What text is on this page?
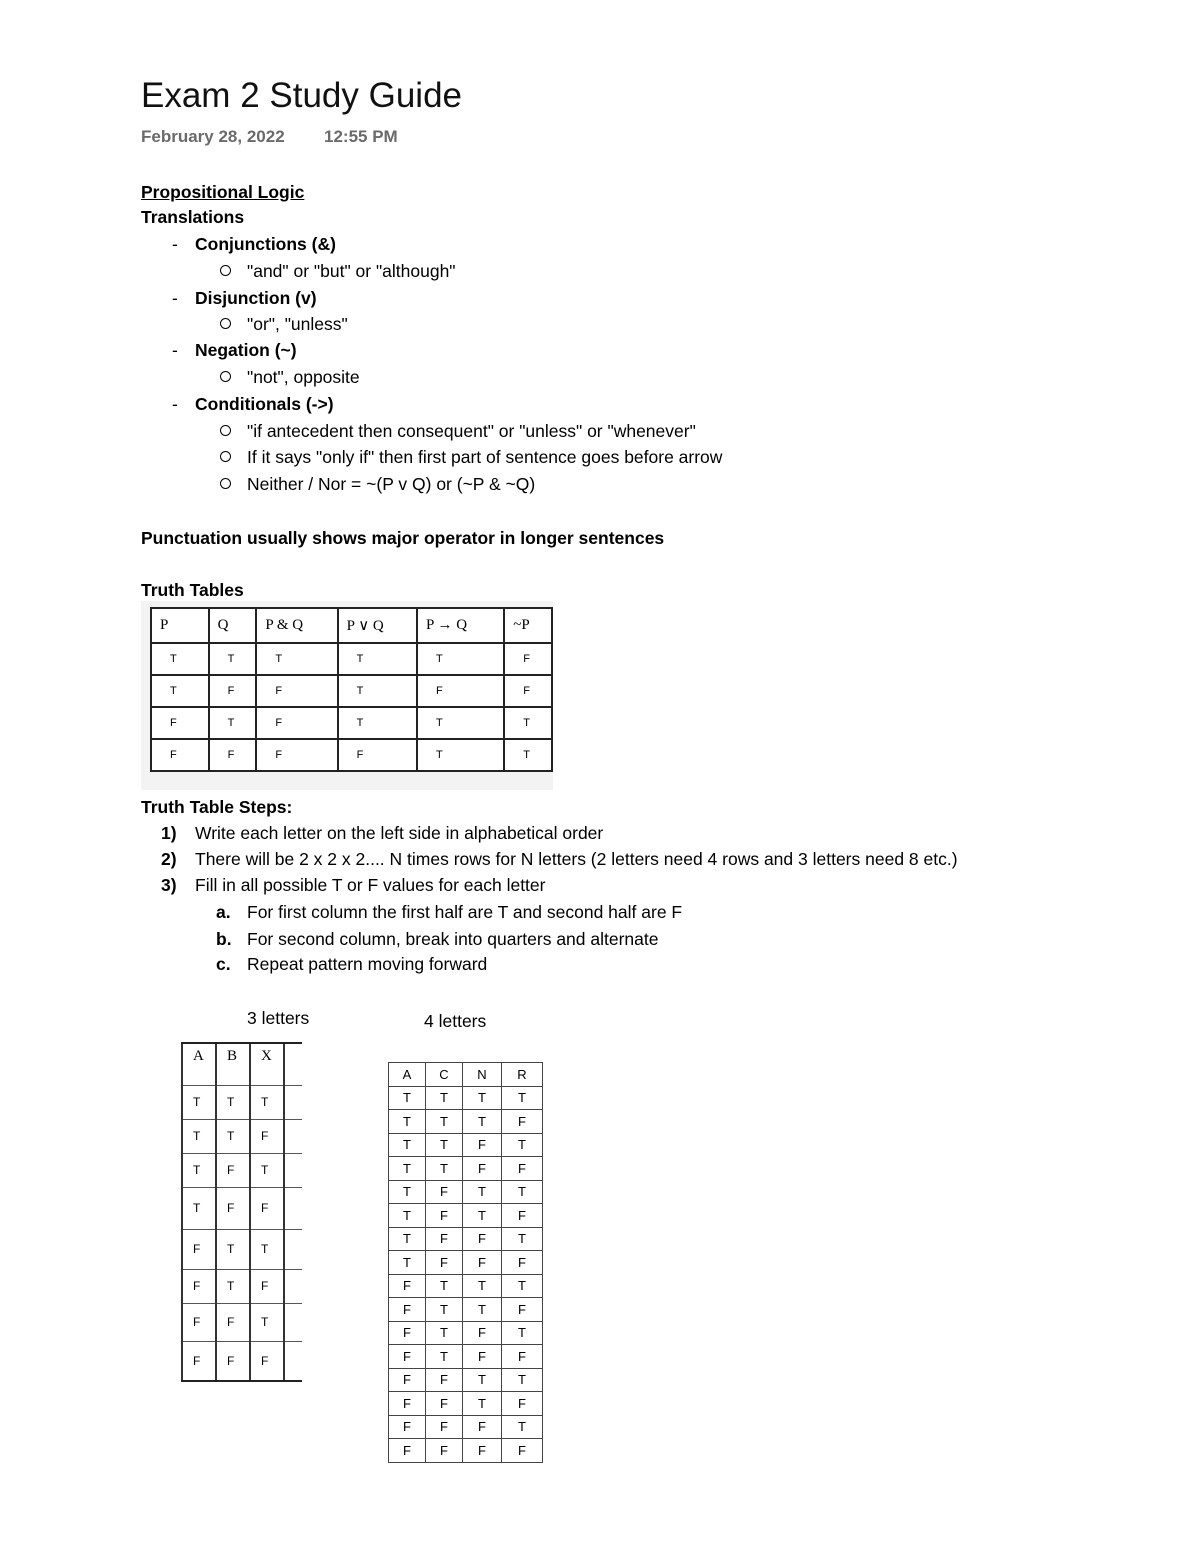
Exam 2 Study Guide
February 28, 2022 12:55 PM
Propositional Logic
Translations
- Conjunctions (&)
"and" or "but" or "although"
- Disjunction (v)
"or", "unless"
- Negation (~)
"not", opposite
- Conditionals (->)
"if antecedent then consequent" or "unless" or "whenever"
If it says "only if" then first part of sentence goes before arrow
Neither / Nor = ~(P v Q) or (~P & ~Q)
Punctuation usually shows major operator in longer sentences
Truth Tables
P	Q	P & Q	P ∨ Q	P → Q	~P
T	T	T	T	T	F
T	F	F	T	F	F
F	T	F	T	T	T
F	F	F	F	T	T
Truth Table Steps:
1) Write each letter on the left side in alphabetical order
2) There will be 2 x 2 x 2.... N times rows for N letters (2 letters need 4 rows and 3 letters need 8 etc.)
3) Fill in all possible T or F values for each letter
a. For first column the first half are T and second half are F
b. For second column, break into quarters and alternate
c. Repeat pattern moving forward
3 letters
A	B	X	
T	T	T	
T	T	F	
T	F	T	
T	F	F	
F	T	T	
F	T	F	
F	F	T	
F	F	F	
4 letters
A	C	N	R
T	T	T	T
T	T	T	F
T	T	F	T
T	T	F	F
T	F	T	T
T	F	T	F
T	F	F	T
T	F	F	F
F	T	T	T
F	T	T	F
F	T	F	T
F	T	F	F
F	F	T	T
F	F	T	F
F	F	F	T
F	F	F	F
